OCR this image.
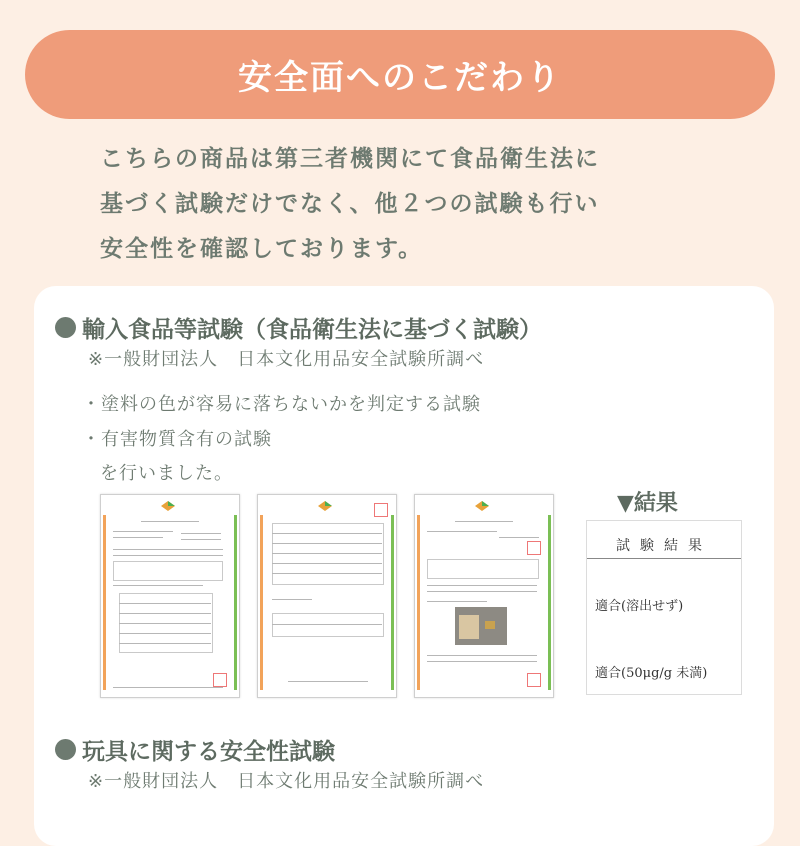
安全面へのこだわり
こちらの商品は第三者機関にて食品衛生法に
基づく試験だけでなく、他２つの試験も行い
安全性を確認しております。
輸入食品等試験（食品衛生法に基づく試験）
※一般財団法人　日本文化用品安全試験所調べ
・塗料の色が容易に落ちないかを判定する試験
・有害物質含有の試験
を行いました。
▼結果
試験結果
適合(溶出せず)
適合(50μg/g 未満)
玩具に関する安全性試験
※一般財団法人　日本文化用品安全試験所調べ
